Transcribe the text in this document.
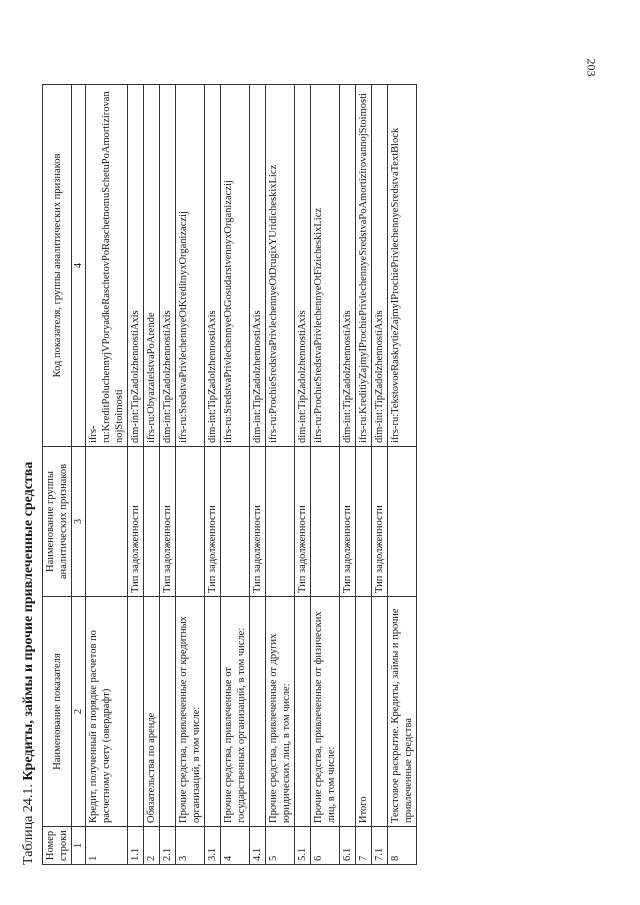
203
Таблица 24.1. Кредиты, займы и прочие привлеченные средства
Номер строки	Наименование показателя	Наименование группы аналитических признаков	Код показателя, группы аналитических признаков
1	2	3	4
1	Кредит, полученный в порядке расчетов по расчетному счету (овердрафт)		ifrs-ru:KreditPoluchennyjVPoryadkeRaschetovPoRaschetnomuSchetuPoAmortizirovannojStoimosti
1.1		Тип задолженности	dim-int:TipZadolzhennostiAxis
2	Обязательства по аренде		ifrs-ru:ObyazatelstvaPoArende
2.1		Тип задолженности	dim-int:TipZadolzhennostiAxis
3	Прочие средства, привлеченные от кредитных организаций, в том числе:		ifrs-ru:SredstvaPrivlechennyeOtKreditnyxOrganizaczij
3.1		Тип задолженности	dim-int:TipZadolzhennostiAxis
4	Прочие средства, привлеченные от государственных организаций, в том числе:		ifrs-ru:SredstvaPrivlechennyeOtGosudarstvennyxOrganizaczij
4.1		Тип задолженности	dim-int:TipZadolzhennostiAxis
5	Прочие средства, привлеченные от других юридических лиц, в том числе:		ifrs-ru:ProchieSredstvaPrivlechennyeOtDrugixYUridicheskixLicz
5.1		Тип задолженности	dim-int:TipZadolzhennostiAxis
6	Прочие средства, привлеченные от физических лиц, в том числе:		ifrs-ru:ProchieSredstvaPrivlechennyeOtFizicheskixLicz
6.1		Тип задолженности	dim-int:TipZadolzhennostiAxis
7	Итого		ifrs-ru:KreditiyZajmyIProchiePrivlechennyeSredstvaPoAmortizirovannojStoimosti
7.1		Тип задолженности	dim-int:TipZadolzhennostiAxis
8	Текстовое раскрытие. Кредиты, займы и прочие привлеченные средства		ifrs-ru:TekstovoeRaskrytieZajmyIProchiePrivlechennyeSredstvaTextBlock
